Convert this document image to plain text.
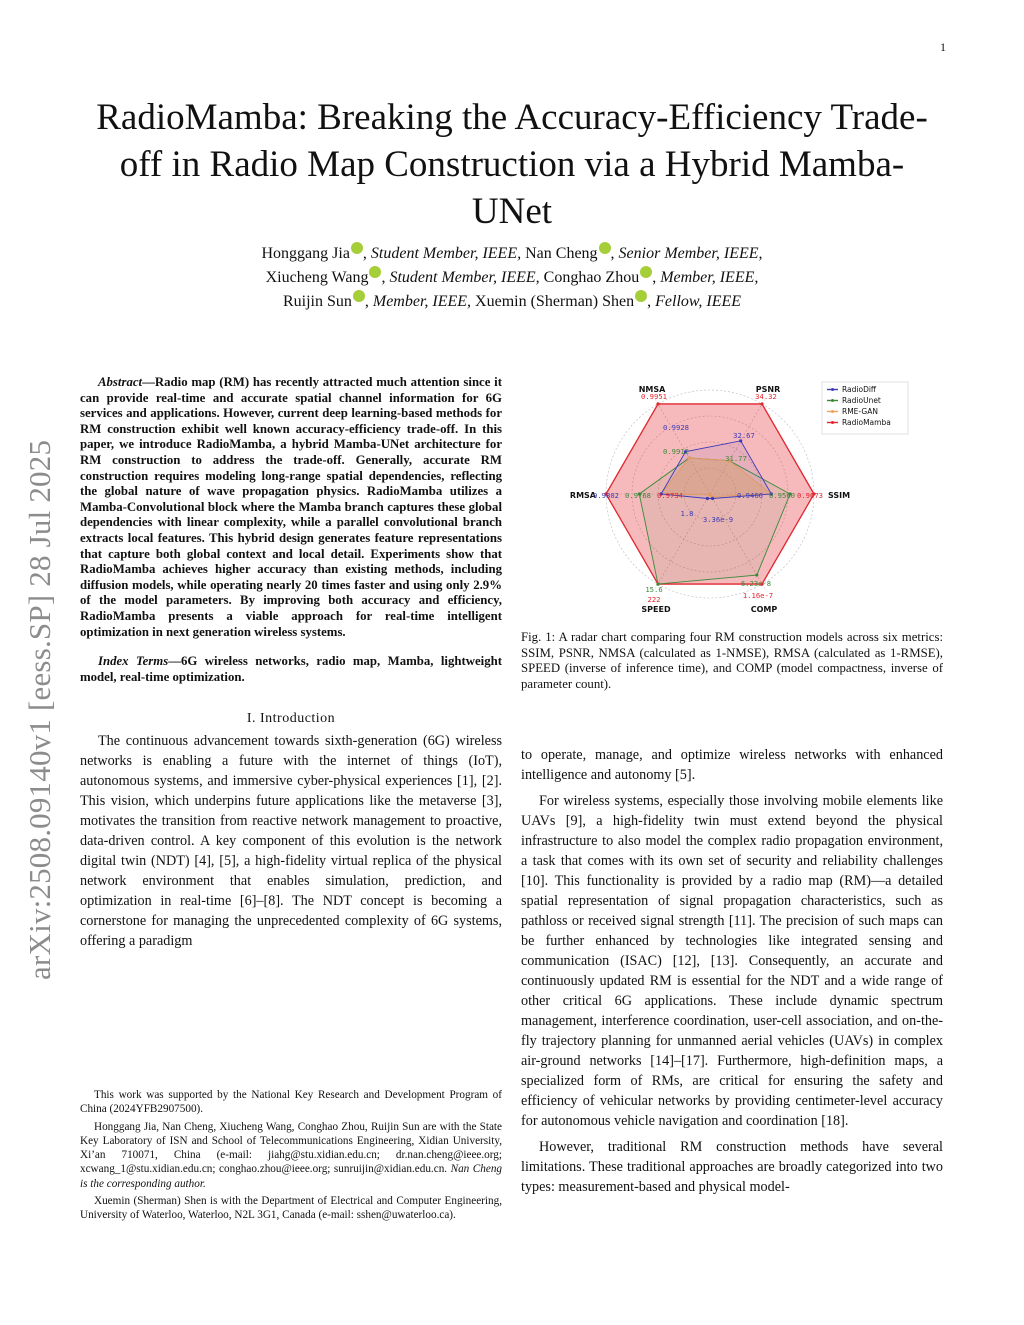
1
arXiv:2508.09140v1 [eess.SP] 28 Jul 2025
RadioMamba: Breaking the Accuracy-Efficiency Trade-off in Radio Map Construction via a Hybrid Mamba-UNet
Honggang Jia , Student Member, IEEE, Nan Cheng , Senior Member, IEEE,
Xiucheng Wang , Student Member, IEEE, Conghao Zhou , Member, IEEE,
Ruijin Sun , Member, IEEE, Xuemin (Sherman) Shen , Fellow, IEEE

Abstract—Radio map (RM) has recently attracted much attention since it can provide real-time and accurate spatial channel information for 6G services and applications. However, current deep learning-based methods for RM construction exhibit well known accuracy-efficiency trade-off. In this paper, we introduce RadioMamba, a hybrid Mamba-UNet architecture for RM construction to address the trade-off. Generally, accurate RM construction requires modeling long-range spatial dependencies, reflecting the global nature of wave propagation physics. RadioMamba utilizes a Mamba-Convolutional block where the Mamba branch captures these global dependencies with linear complexity, while a parallel convolutional branch extracts local features. This hybrid design generates feature representations that capture both global context and local detail. Experiments show that RadioMamba achieves higher accuracy than existing methods, including diffusion models, while operating nearly 20 times faster and using only 2.9% of the model parameters. By improving both accuracy and efficiency, RadioMamba presents a viable approach for real-time intelligent optimization in next generation wireless systems.

Index Terms—6G wireless networks, radio map, Mamba, lightweight model, real-time optimization.

I. Introduction

The continuous advancement towards sixth-generation (6G) wireless networks is enabling a future with the internet of things (IoT), autonomous systems, and immersive cyber-physical experiences [1], [2]. This vision, which underpins future applications like the metaverse [3], motivates the transition from reactive network management to proactive, data-driven control. A key component of this evolution is the network digital twin (NDT) [4], [5], a high-fidelity virtual replica of the physical network environment that enables simulation, prediction, and optimization in real-time [6]–[8]. The NDT concept is becoming a cornerstone for managing the unprecedented complexity of 6G systems, offering a paradigm

This work was supported by the National Key Research and Development Program of China (2024YFB2907500).

Honggang Jia, Nan Cheng, Xiucheng Wang, Conghao Zhou, Ruijin Sun are with the State Key Laboratory of ISN and School of Telecommunications Engineering, Xidian University, Xi’an 710071, China (e-mail: jiahg@stu.xidian.edu.cn; dr.nan.cheng@ieee.org; xcwang_1@stu.xidian.edu.cn; conghao.zhou@ieee.org; sunruijin@xidian.edu.cn. Nan Cheng is the corresponding author.

Xuemin (Sherman) Shen is with the Department of Electrical and Computer Engineering, University of Waterloo, Waterloo, N2L 3G1, Canada (e-mail: sshen@uwaterloo.ca).

SSIM
PSNR
NMSA
RMSA
SPEED	COMP
0.9466 0.9560 0.9673
32.67
31.77
34.32
0.9928
0.9912
0.9951
0.9802 0.9768 0.9734
1.8
15.6
222
3.36e-9
6.23e-8
1.16e-7
RadioDiff
RadioUnet
RME-GAN
RadioMamba
Fig. 1: A radar chart comparing four RM construction models across six metrics: SSIM, PSNR, NMSA (calculated as 1-NMSE), RMSA (calculated as 1-RMSE), SPEED (inverse of inference time), and COMP (model compactness, inverse of parameter count).

to operate, manage, and optimize wireless networks with enhanced intelligence and autonomy [5].

For wireless systems, especially those involving mobile elements like UAVs [9], a high-fidelity twin must extend beyond the physical infrastructure to also model the complex radio propagation environment, a task that comes with its own set of security and reliability challenges [10]. This functionality is provided by a radio map (RM)—a detailed spatial representation of signal propagation characteristics, such as pathloss or received signal strength [11]. The precision of such maps can be further enhanced by technologies like integrated sensing and communication (ISAC) [12], [13]. Consequently, an accurate and continuously updated RM is essential for the NDT and a wide range of other critical 6G applications. These include dynamic spectrum management, interference coordination, user-cell association, and on-the-fly trajectory planning for unmanned aerial vehicles (UAVs) in complex air-ground networks [14]–[17]. Furthermore, high-definition maps, a specialized form of RMs, are critical for ensuring the safety and efficiency of vehicular networks by providing centimeter-level accuracy for autonomous vehicle navigation and coordination [18].

However, traditional RM construction methods have several limitations. These traditional approaches are broadly categorized into two types: measurement-based and physical model-
